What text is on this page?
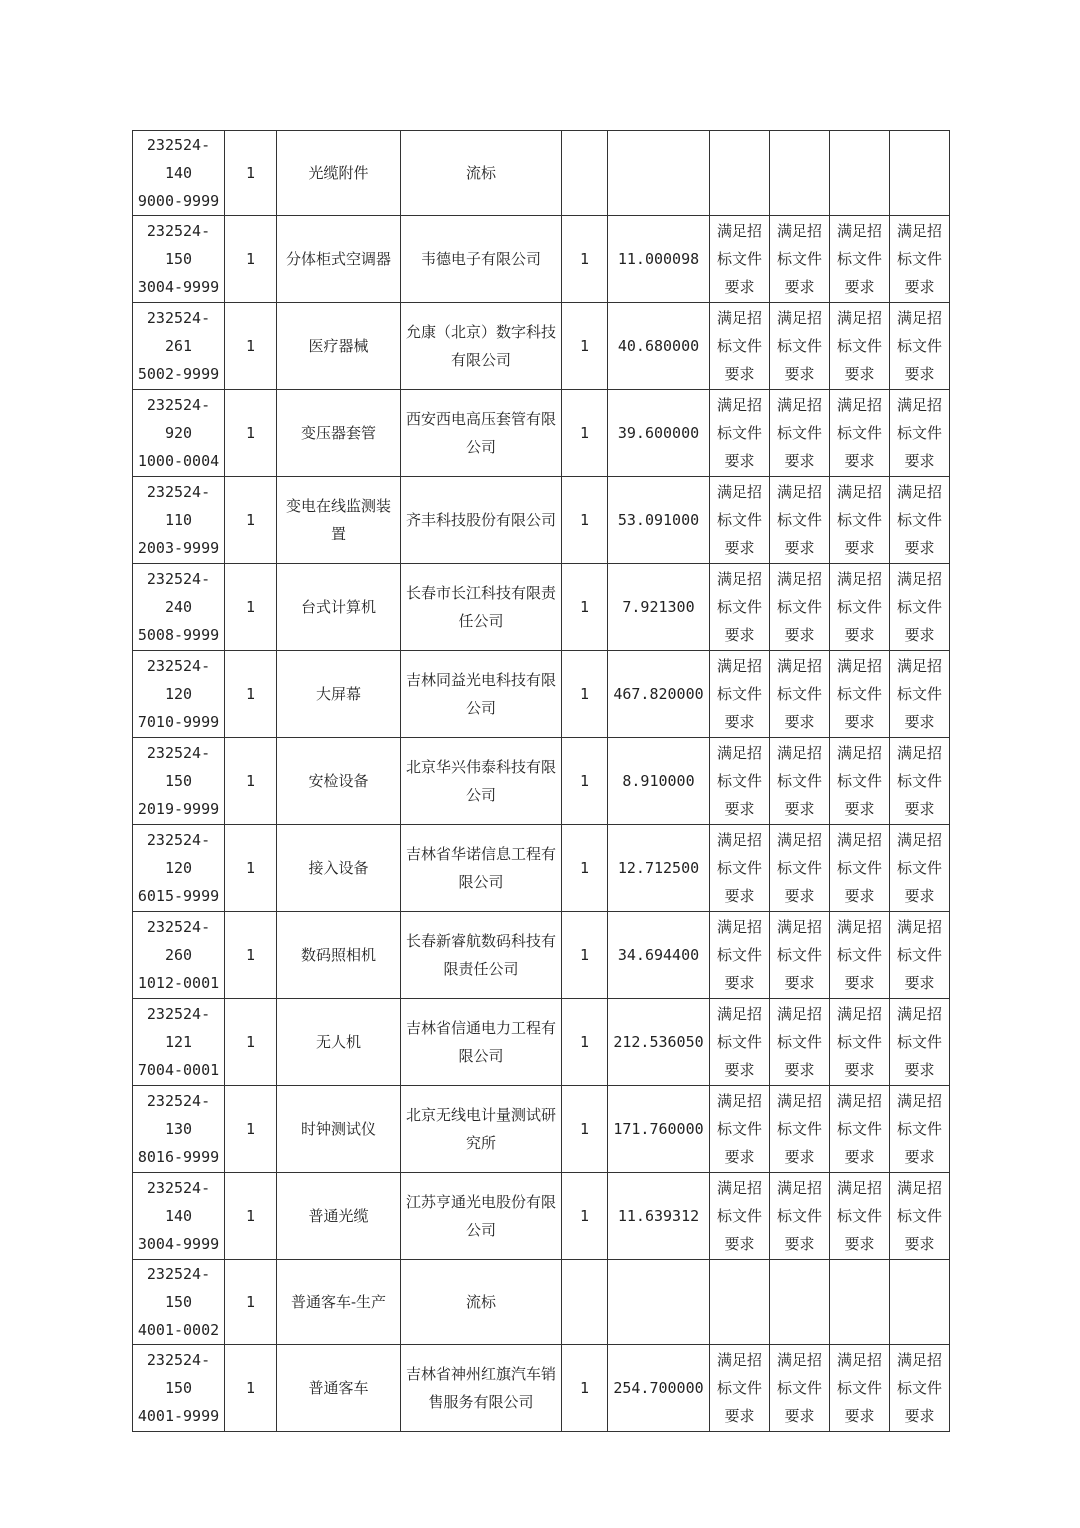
232524-140
9000-9999	1	光缆附件	流标						
232524-150
3004-9999	1	分体柜式空调器	韦德电子有限公司	1	11.000098	满足招标文件要求	满足招标文件要求	满足招标文件要求	满足招标文件要求
232524-261
5002-9999	1	医疗器械	允康（北京）数字科技有限公司	1	40.680000	满足招标文件要求	满足招标文件要求	满足招标文件要求	满足招标文件要求
232524-920
1000-0004	1	变压器套管	西安西电高压套管有限公司	1	39.600000	满足招标文件要求	满足招标文件要求	满足招标文件要求	满足招标文件要求
232524-110
2003-9999	1	变电在线监测装置	齐丰科技股份有限公司	1	53.091000	满足招标文件要求	满足招标文件要求	满足招标文件要求	满足招标文件要求
232524-240
5008-9999	1	台式计算机	长春市长江科技有限责任公司	1	7.921300	满足招标文件要求	满足招标文件要求	满足招标文件要求	满足招标文件要求
232524-120
7010-9999	1	大屏幕	吉林同益光电科技有限公司	1	467.820000	满足招标文件要求	满足招标文件要求	满足招标文件要求	满足招标文件要求
232524-150
2019-9999	1	安检设备	北京华兴伟泰科技有限公司	1	8.910000	满足招标文件要求	满足招标文件要求	满足招标文件要求	满足招标文件要求
232524-120
6015-9999	1	接入设备	吉林省华诺信息工程有限公司	1	12.712500	满足招标文件要求	满足招标文件要求	满足招标文件要求	满足招标文件要求
232524-260
1012-0001	1	数码照相机	长春新睿航数码科技有限责任公司	1	34.694400	满足招标文件要求	满足招标文件要求	满足招标文件要求	满足招标文件要求
232524-121
7004-0001	1	无人机	吉林省信通电力工程有限公司	1	212.536050	满足招标文件要求	满足招标文件要求	满足招标文件要求	满足招标文件要求
232524-130
8016-9999	1	时钟测试仪	北京无线电计量测试研究所	1	171.760000	满足招标文件要求	满足招标文件要求	满足招标文件要求	满足招标文件要求
232524-140
3004-9999	1	普通光缆	江苏亨通光电股份有限公司	1	11.639312	满足招标文件要求	满足招标文件要求	满足招标文件要求	满足招标文件要求
232524-150
4001-0002	1	普通客车-生产	流标						
232524-150
4001-9999	1	普通客车	吉林省神州红旗汽车销售服务有限公司	1	254.700000	满足招标文件要求	满足招标文件要求	满足招标文件要求	满足招标文件要求
